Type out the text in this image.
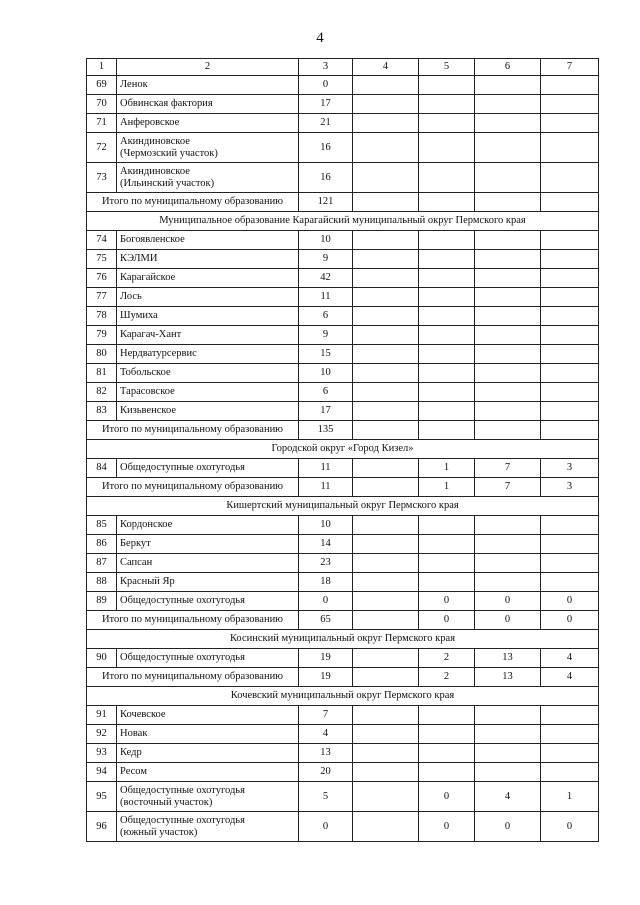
4
1	2	3	4	5	6	7
69	Ленок	0				
70	Обвинская фактория	17				
71	Анферовское	21				
72	Акиндиновское
(Чермозский участок)	16				
73	Акиндиновское
(Ильинский участок)	16				
Итого по муниципальному образованию		121				
Муниципальное образование Карагайский муниципальный округ Пермского края						
74	Богоявленское	10				
75	КЭЛМИ	9				
76	Карагайское	42				
77	Лось	11				
78	Шумиха	6				
79	Карагач-Хант	9				
80	Нердватурсервис	15				
81	Тобольское	10				
82	Тарасовское	6				
83	Кизьвенское	17				
Итого по муниципальному образованию		135				
Городской округ «Город Кизел»						
84	Общедоступные охотугодья	11		1	7	3
Итого по муниципальному образованию		11		1	7	3
Кишертский муниципальный округ Пермского края						
85	Кордонское	10				
86	Беркут	14				
87	Сапсан	23				
88	Красный Яр	18				
89	Общедоступные охотугодья	0		0	0	0
Итого по муниципальному образованию		65		0	0	0
Косинский муниципальный округ Пермского края						
90	Общедоступные охотугодья	19		2	13	4
Итого по муниципальному образованию		19		2	13	4
Кочевский муниципальный округ Пермского края						
91	Кочевское	7				
92	Новак	4				
93	Кедр	13				
94	Ресом	20				
95	Общедоступные охотугодья
(восточный участок)	5		0	4	1
96	Общедоступные охотугодья
(южный участок)	0		0	0	0
